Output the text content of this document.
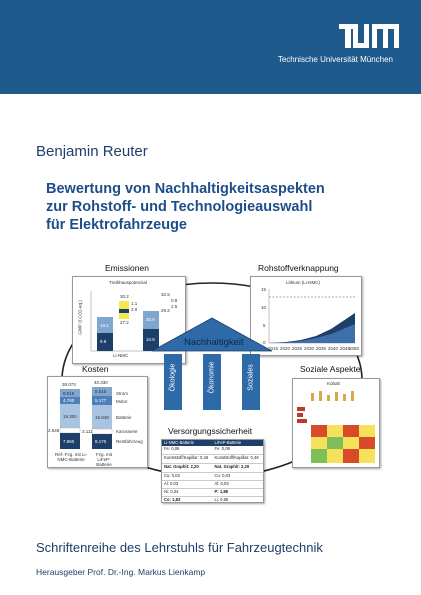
Technische Universität München
Benjamin Reuter
Bewertung von Nachhaltigkeitsaspekten
zur Rohstoff- und Technologieauswahl
für Elektrofahrzeuge
Emissionen
Treibhauspotenzial
30.2
1.1
2.0
27.2
32.5
0.8
2.5
29.2
18.2
9.8
20.9
10.8
GWP (t CO2-eq.)
Li-NMC
Rohstoffverknappung
Lithium (Li-NMC)
15
10
5
0
2015 2020 2025 2030 2035 2040 2045
2050
Nachhaltigkeit
Ökologie	Ökonomie	Soziales
Kosten
38.073	40.330
8.015
4.780
15.300
2.545
7.960
8.015
5.177
15.948
3.111
8.170
Strom
Motor
Batterie
Karosserie
Restfahrzeug
Ref.-Fzg. mit Li-NMC-Batterie
Fzg. mit LiFeP-Batterie
Soziale Aspekte
Kobalt
Versorgungssicherheit
Li-NMC-Batterie	LiFeP-Batterie
Fe: 0,06	Fe: 0,08
Kunststoff/Kapillar: 0,46	Kunststoff/Kapillar: 0,46
Nat. Graphit: 2,20	Nat. Graphit: 2,20
Cu: 0,03	Cu: 0,03
Al: 0,03	Al: 0,03
Ni: 0,34	P: 1,88
Co: 1,83	Li: 0,65
Schriftenreihe des Lehrstuhls für Fahrzeugtechnik
Herausgeber Prof. Dr.-Ing. Markus Lienkamp
